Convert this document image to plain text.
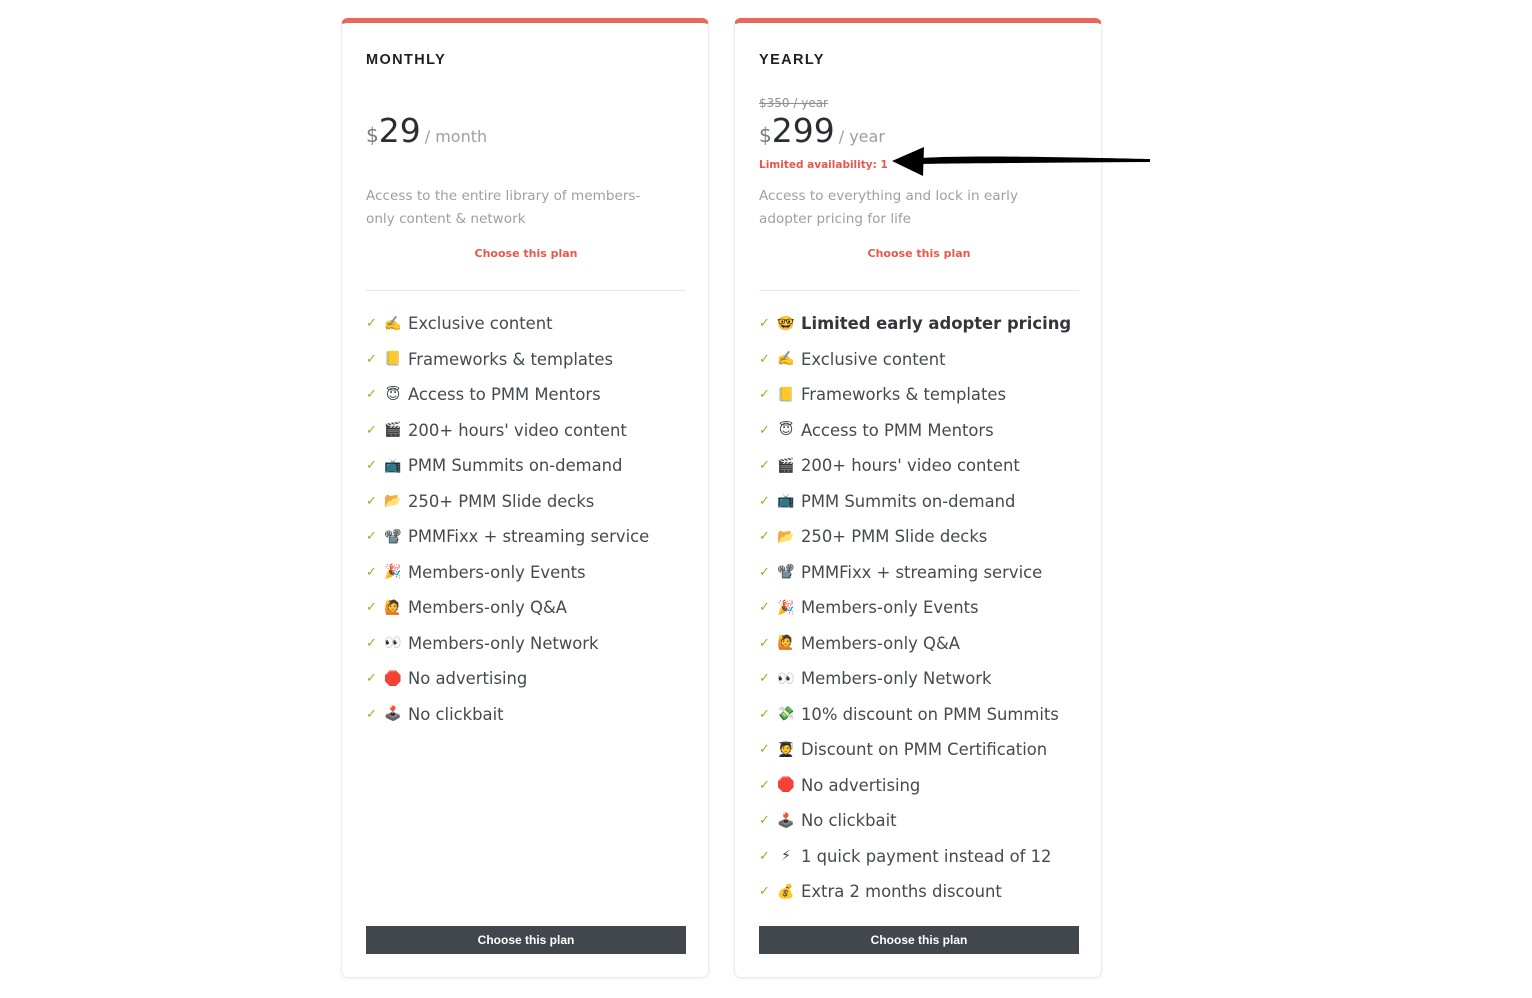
MONTHLY
$29 / month

Access to the entire library of members-only content & network

Choose this plan
✓ ✍️ Exclusive content
✓ 📒 Frameworks & templates
✓ 😇 Access to PMM Mentors
✓ 🎬 200+ hours' video content
✓ 📺 PMM Summits on-demand
✓ 📂 250+ PMM Slide decks
✓ 📽️ PMMFixx + streaming service
✓ 🎉 Members-only Events
✓ 🙋 Members-only Q&A
✓ 👀 Members-only Network
✓ 🛑 No advertising
✓ 🕹️ No clickbait
Choose this plan
YEARLY
$350 / year
$299 / year
Limited availability: 1

Access to everything and lock in early adopter pricing for life

Choose this plan
✓ 🤓 Limited early adopter pricing
✓ ✍️ Exclusive content
✓ 📒 Frameworks & templates
✓ 😇 Access to PMM Mentors
✓ 🎬 200+ hours' video content
✓ 📺 PMM Summits on-demand
✓ 📂 250+ PMM Slide decks
✓ 📽️ PMMFixx + streaming service
✓ 🎉 Members-only Events
✓ 🙋 Members-only Q&A
✓ 👀 Members-only Network
✓ 💸 10% discount on PMM Summits
✓ 🧑‍🎓 Discount on PMM Certification
✓ 🛑 No advertising
✓ 🕹️ No clickbait
✓ ⚡ 1 quick payment instead of 12
✓ 💰 Extra 2 months discount
Choose this plan
